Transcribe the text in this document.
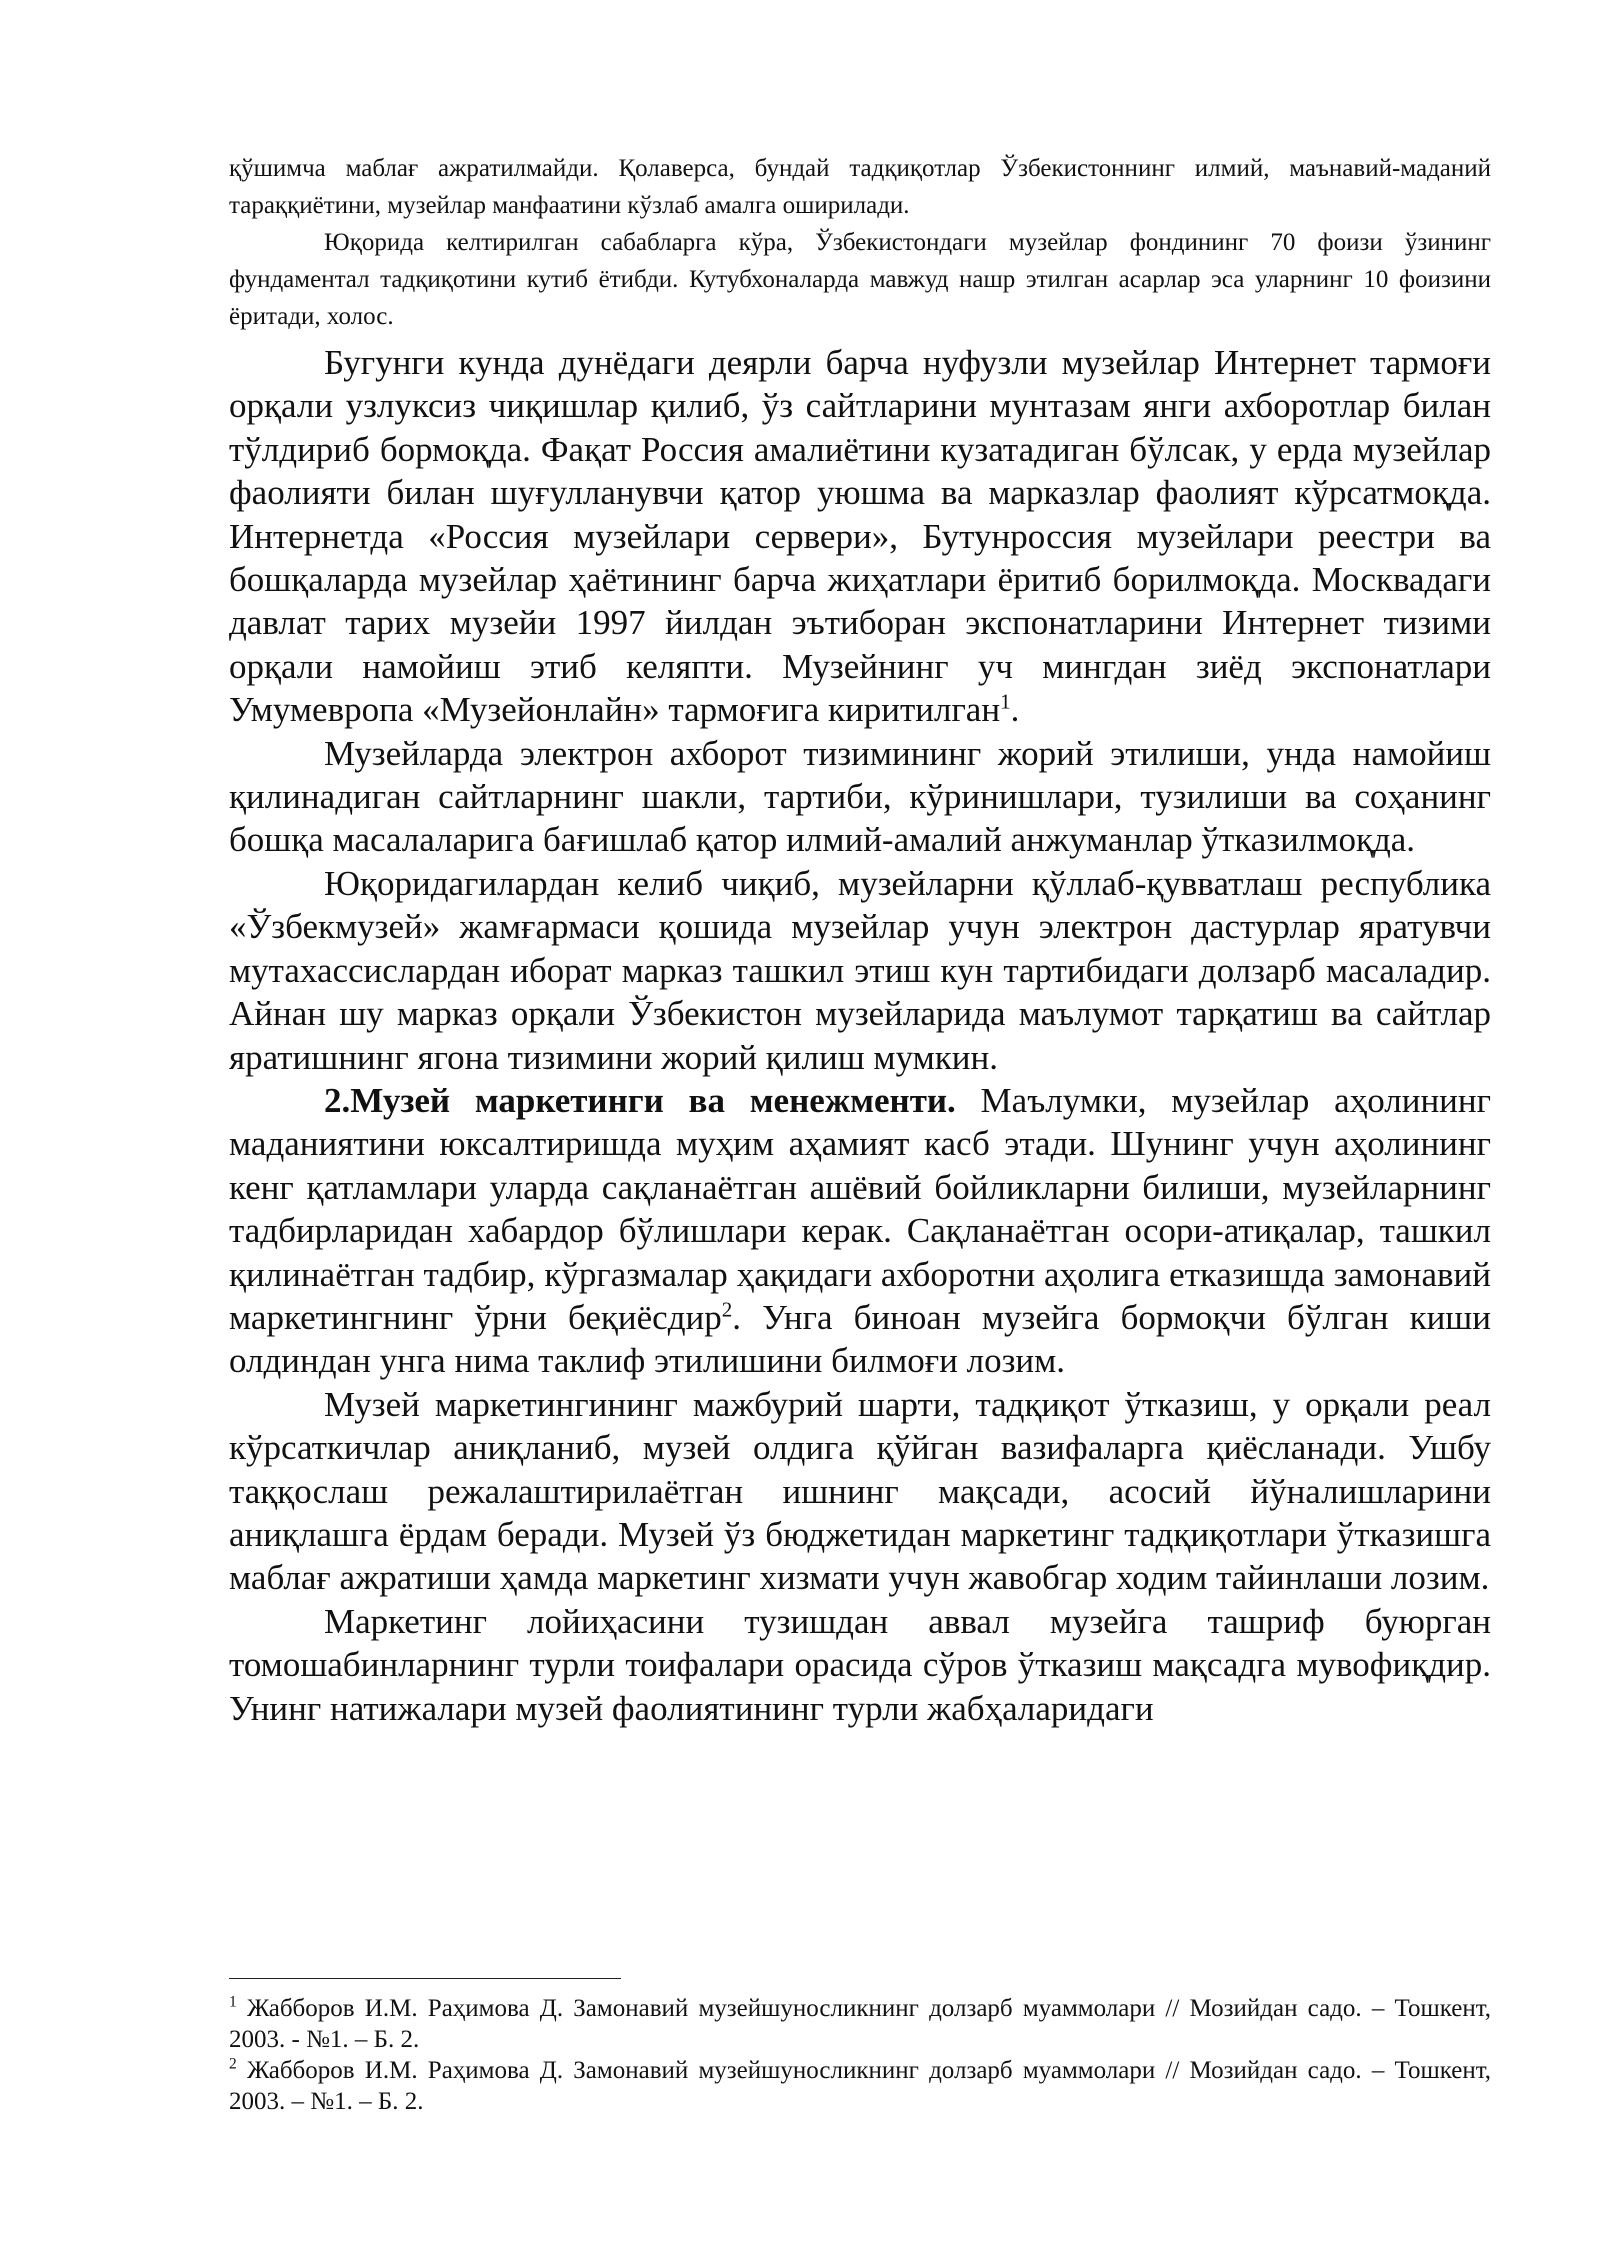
қўшимча маблағ ажратилмайди. Қолаверса, бундай тадқиқотлар Ўзбекистоннинг илмий, маънавий-маданий тараққиётини, музейлар манфаатини кўзлаб амалга оширилади.

Юқорида келтирилган сабабларга кўра, Ўзбекистондаги музейлар фондининг 70 фоизи ўзининг фундаментал тадқиқотини кутиб ётибди. Кутубхоналарда мавжуд нашр этилган асарлар эса уларнинг 10 фоизини ёритади, холос.

Бугунги кунда дунёдаги деярли барча нуфузли музейлар Интернет тармоғи орқали узлуксиз чиқишлар қилиб, ўз сайтларини мунтазам янги ахборотлар билан тўлдириб бормоқда. Фақат Россия амалиётини кузатадиган бўлсак, у ерда музейлар фаолияти билан шуғулланувчи қатор уюшма ва марказлар фаолият кўрсатмоқда. Интернетда «Россия музейлари сервери», Бутунроссия музейлари реестри ва бошқаларда музейлар ҳаётининг барча жиҳатлари ёритиб борилмоқда. Москвадаги давлат тарих музейи 1997 йилдан эътиборан экспонатларини Интернет тизими орқали намойиш этиб келяпти. Музейнинг уч мингдан зиёд экспонатлари Умумевропа «Музейонлайн» тармоғига киритилган$^1$.

Музейларда электрон ахборот тизимининг жорий этилиши, унда намойиш қилинадиган сайтларнинг шакли, тартиби, кўринишлари, тузилиши ва соҳанинг бошқа масалаларига бағишлаб қатор илмий-амалий анжуманлар ўтказилмоқда.

Юқоридагилардан келиб чиқиб, музейларни қўллаб-қувватлаш республика «Ўзбекмузей» жамғармаси қошида музейлар учун электрон дастурлар яратувчи мутахассислардан иборат марказ ташкил этиш кун тартибидаги долзарб масаладир. Айнан шу марказ орқали Ўзбекистон музейларида маълумот тарқатиш ва сайтлар яратишнинг ягона тизимини жорий қилиш мумкин.

2.Музей маркетинги ва менежменти. Маълумки, музейлар аҳолининг маданиятини юксалтиришда муҳим аҳамият касб этади. Шунинг учун аҳолининг кенг қатламлари уларда сақланаётган ашёвий бойликларни билиши, музейларнинг тадбирларидан хабардор бўлишлари керак. Сақланаётган осори-атиқалар, ташкил қилинаётган тадбир, кўргазмалар ҳақидаги ахборотни аҳолига етказишда замонавий маркетингнинг ўрни беқиёсдир$^2$. Унга биноан музейга бормоқчи бўлган киши олдиндан унга нима таклиф этилишини билмоғи лозим.

Музей маркетингининг мажбурий шарти, тадқиқот ўтказиш, у орқали реал кўрсаткичлар аниқланиб, музей олдига қўйган вазифаларга қиёсланади. Ушбу таққослаш режалаштирилаётган ишнинг мақсади, асосий йўналишларини аниқлашга ёрдам беради. Музей ўз бюджетидан маркетинг тадқиқотлари ўтказишга маблағ ажратиши ҳамда маркетинг хизмати учун жавобгар ходим тайинлаши лозим.

Маркетинг лойиҳасини тузишдан аввал музейга ташриф буюрган томошабинларнинг турли тоифалари орасида сўров ўтказиш мақсадга мувофиқдир. Унинг натижалари музей фаолиятининг турли жабҳаларидаги

$^1$ Жабборов И.М. Раҳимова Д. Замонавий музейшуносликнинг долзарб муаммолари // Мозийдан садо. – Тошкент, 2003. - №1. – Б. 2.

$^2$ Жабборов И.М. Раҳимова Д. Замонавий музейшуносликнинг долзарб муаммолари // Мозийдан садо. – Тошкент, 2003. – №1. – Б. 2.
